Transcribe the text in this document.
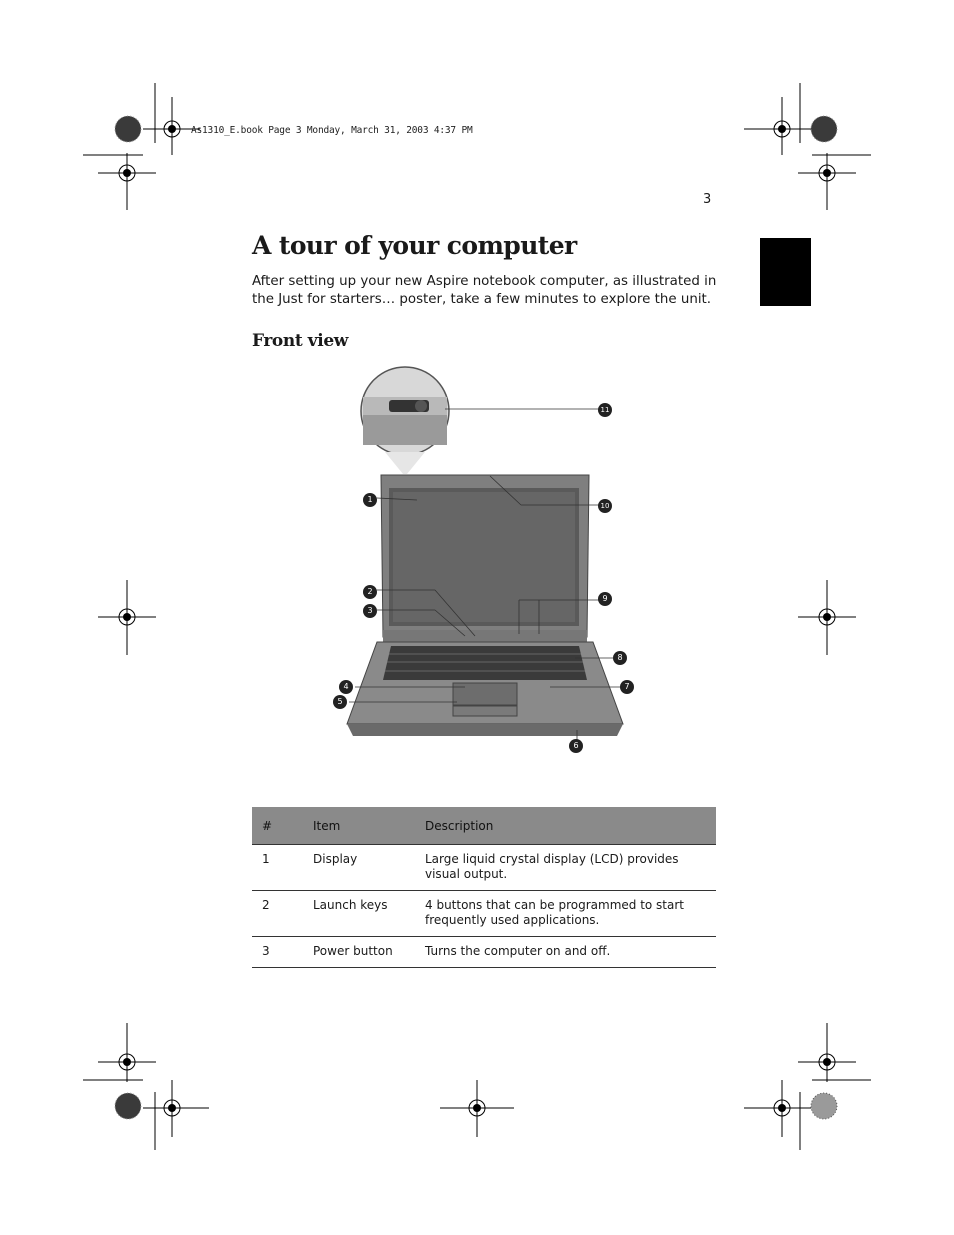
As1310_E.book Page 3 Monday, March 31, 2003 4:37 PM
3
A tour of your computer

After setting up your new Aspire notebook computer, as illustrated in the Just for starters… poster, take a few minutes to explore the unit.

Front view
11
1
10
2
9
3
8
4	7
5
6
#	Item	Description
1	Display	Large liquid crystal display (LCD) provides visual output.
2	Launch keys	4 buttons that can be programmed to start frequently used applications.
3	Power button	Turns the computer on and off.
